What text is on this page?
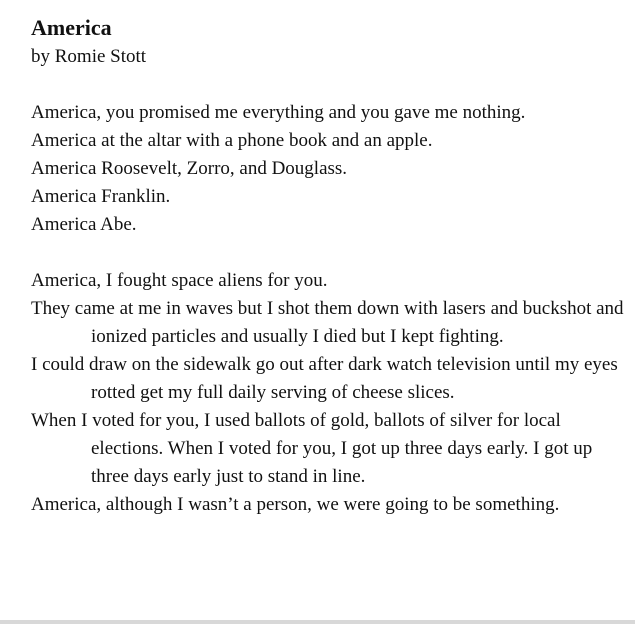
America

by Romie Stott

America, you promised me everything and you gave me nothing.

America at the altar with a phone book and an apple.

America Roosevelt, Zorro, and Douglass.

America Franklin.

America Abe.

America, I fought space aliens for you.

They came at me in waves but I shot them down with lasers and buckshot and ionized particles and usually I died but I kept fighting.

I could draw on the sidewalk go out after dark watch television until my eyes rotted get my full daily serving of cheese slices.

When I voted for you, I used ballots of gold, ballots of silver for local elections. When I voted for you, I got up three days early. I got up three days early just to stand in line.

America, although I wasn’t a person, we were going to be something.
